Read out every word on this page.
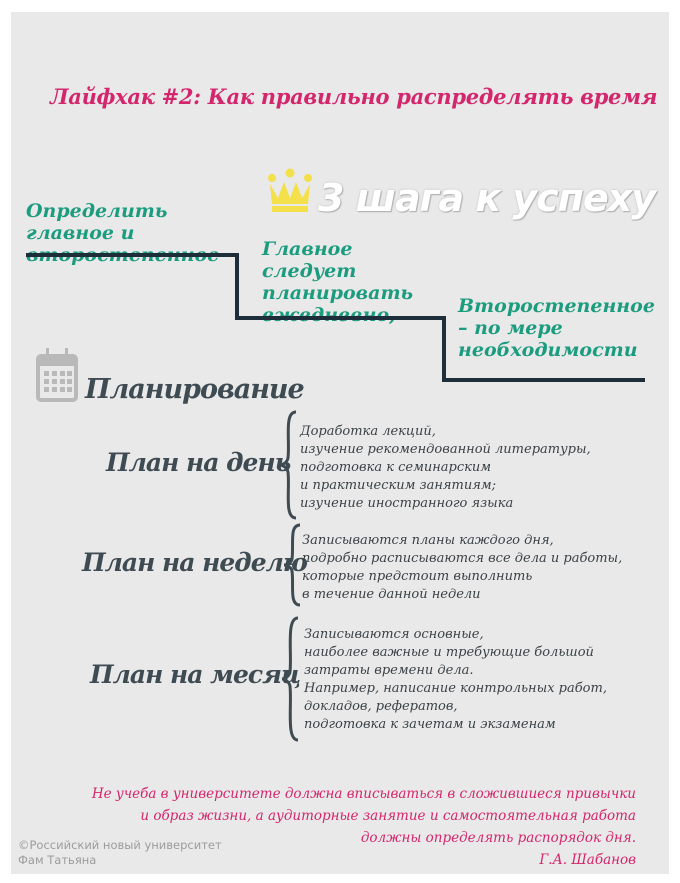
Лайфхак #2: Как правильно распределять время
3 шага к успеху
Определить главное и второстепенное	Главное следует планировать ежедневно,	Второстепенное – по мере необходимости
Планирование
План на день
Доработка лекций,
изучение рекомендованной литературы,
подготовка к семинарским
и практическим занятиям;
изучение иностранного языка
План на неделю
Записываются планы каждого дня,
подробно расписываются все дела и работы,
которые предстоит выполнить
в течение данной недели
План на месяц
Записываются основные,
наиболее важные и требующие большой
затраты времени дела.
Например, написание контрольных работ,
докладов, рефератов,
подготовка к зачетам и экзаменам
Не учеба в университете должна вписываться в сложившиеся привычки
и образ жизни, а аудиторные занятие и самостоятельная работа
должны определять распорядок дня.
Г.А. Шабанов
©Российский новый университет
Фам Татьяна
